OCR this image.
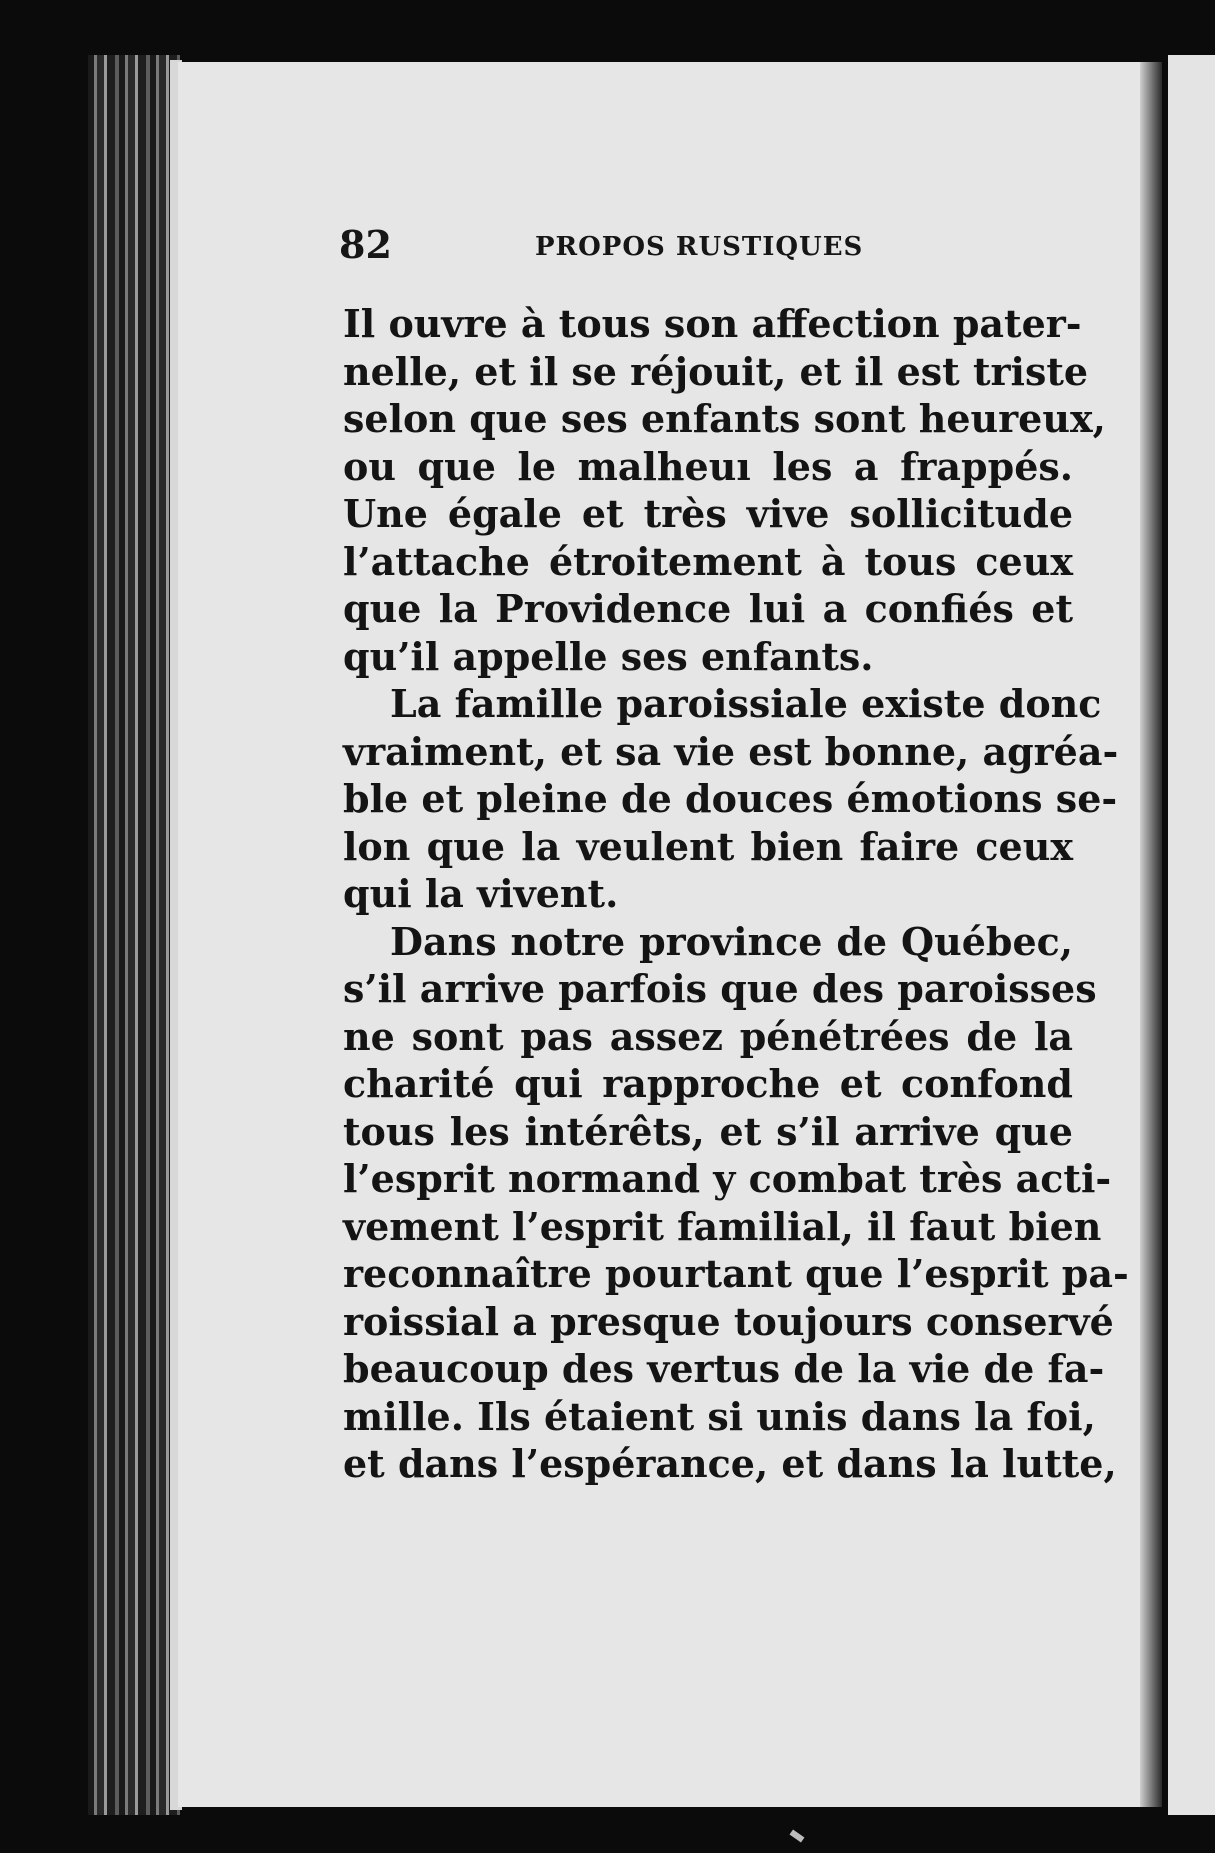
82	PROPOS RUSTIQUES
Il ouvre à tous son affection pater-
nelle, et il se réjouit, et il est triste
selon que ses enfants sont heureux,
ou que le malheuı les a frappés.
Une égale et très vive sollicitude
l’attache étroitement à tous ceux
que la Providence lui a confiés et
qu’il appelle ses enfants.
La famille paroissiale existe donc
vraiment, et sa vie est bonne, agréa-
ble et pleine de douces émotions se-
lon que la veulent bien faire ceux
qui la vivent.
Dans notre province de Québec,
s’il arrive parfois que des paroisses
ne sont pas assez pénétrées de la
charité qui rapproche et confond
tous les intérêts, et s’il arrive que
l’esprit normand y combat très acti-
vement l’esprit familial, il faut bien
reconnaître pourtant que l’esprit pa-
roissial a presque toujours conservé
beaucoup des vertus de la vie de fa-
mille. Ils étaient si unis dans la foi,
et dans l’espérance, et dans la lutte,
